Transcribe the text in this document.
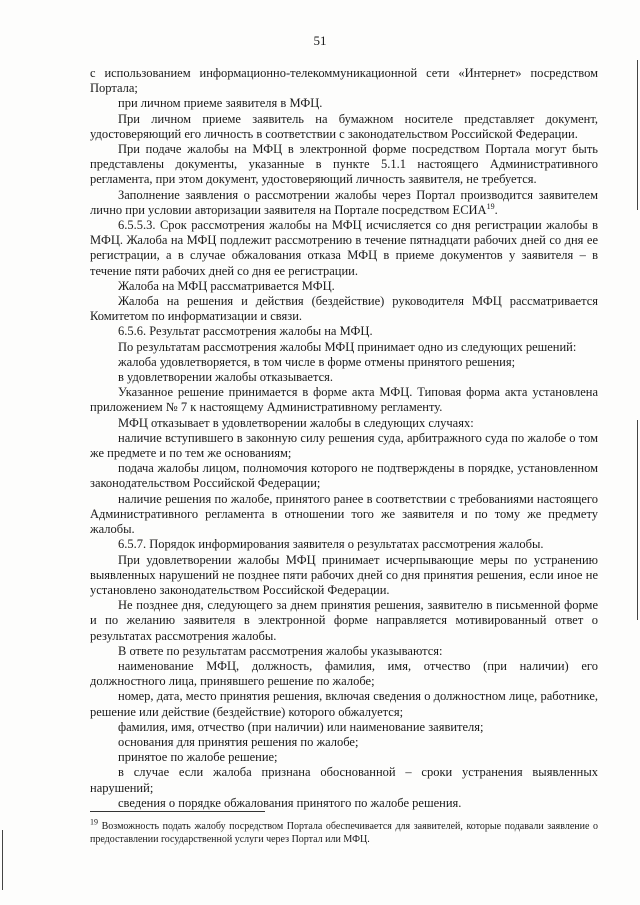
51

с использованием информационно-телекоммуникационной сети «Интернет» посредством Портала;

при личном приеме заявителя в МФЦ.

При личном приеме заявитель на бумажном носителе представляет документ, удостоверяющий его личность в соответствии с законодательством Российской Федерации.

При подаче жалобы на МФЦ в электронной форме посредством Портала могут быть представлены документы, указанные в пункте 5.1.1 настоящего Административного регламента, при этом документ, удостоверяющий личность заявителя, не требуется.

Заполнение заявления о рассмотрении жалобы через Портал производится заявителем лично при условии авторизации заявителя на Портале посредством ЕСИА$^{19}$.

6.5.5.3. Срок рассмотрения жалобы на МФЦ исчисляется со дня регистрации жалобы в МФЦ. Жалоба на МФЦ подлежит рассмотрению в течение пятнадцати рабочих дней со дня ее регистрации, а в случае обжалования отказа МФЦ в приеме документов у заявителя – в течение пяти рабочих дней со дня ее регистрации.

Жалоба на МФЦ рассматривается МФЦ.

Жалоба на решения и действия (бездействие) руководителя МФЦ рассматривается Комитетом по информатизации и связи.

6.5.6. Результат рассмотрения жалобы на МФЦ.

По результатам рассмотрения жалобы МФЦ принимает одно из следующих решений:

жалоба удовлетворяется, в том числе в форме отмены принятого решения;

в удовлетворении жалобы отказывается.

Указанное решение принимается в форме акта МФЦ. Типовая форма акта установлена приложением № 7 к настоящему Административному регламенту.

МФЦ отказывает в удовлетворении жалобы в следующих случаях:

наличие вступившего в законную силу решения суда, арбитражного суда по жалобе о том же предмете и по тем же основаниям;

подача жалобы лицом, полномочия которого не подтверждены в порядке, установленном законодательством Российской Федерации;

наличие решения по жалобе, принятого ранее в соответствии с требованиями настоящего Административного регламента в отношении того же заявителя и по тому же предмету жалобы.

6.5.7. Порядок информирования заявителя о результатах рассмотрения жалобы.

При удовлетворении жалобы МФЦ принимает исчерпывающие меры по устранению выявленных нарушений не позднее пяти рабочих дней со дня принятия решения, если иное не установлено законодательством Российской Федерации.

Не позднее дня, следующего за днем принятия решения, заявителю в письменной форме и по желанию заявителя в электронной форме направляется мотивированный ответ о результатах рассмотрения жалобы.

В ответе по результатам рассмотрения жалобы указываются:

наименование МФЦ, должность, фамилия, имя, отчество (при наличии) его должностного лица, принявшего решение по жалобе;

номер, дата, место принятия решения, включая сведения о должностном лице, работнике, решение или действие (бездействие) которого обжалуется;

фамилия, имя, отчество (при наличии) или наименование заявителя;

основания для принятия решения по жалобе;

принятое по жалобе решение;

в случае если жалоба признана обоснованной – сроки устранения выявленных нарушений;

сведения о порядке обжалования принятого по жалобе решения.

$^{19}$ Возможность подать жалобу посредством Портала обеспечивается для заявителей, которые подавали заявление о предоставлении государственной услуги через Портал или МФЦ.
